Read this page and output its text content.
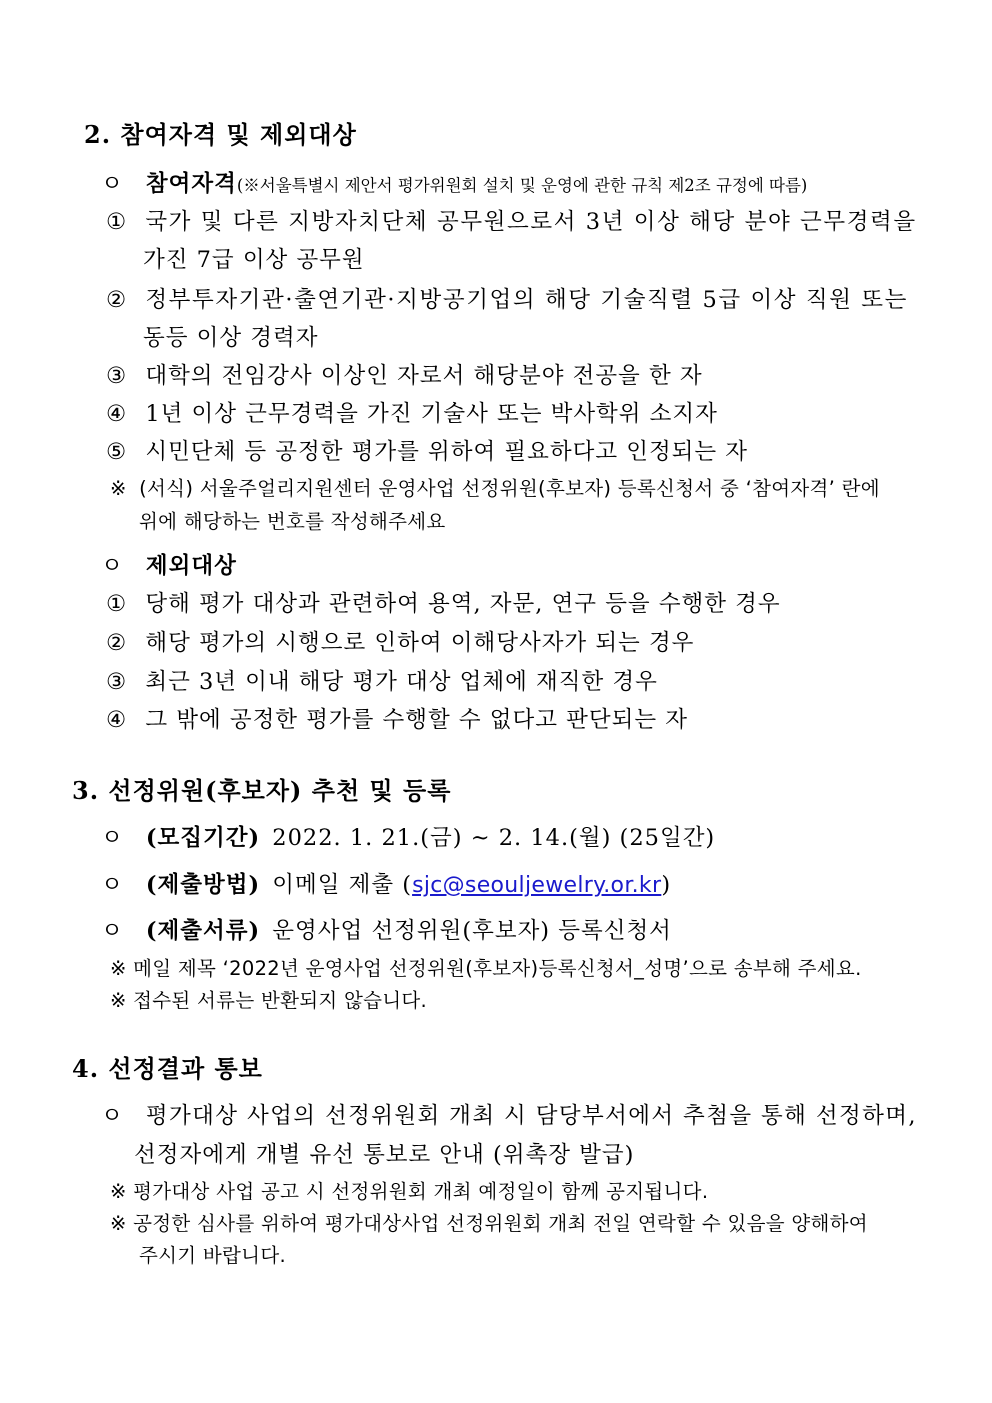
2. 참여자격 및 제외대상
ㅇ 참여자격(※서울특별시 제안서 평가위원회 설치 및 운영에 관한 규칙 제2조 규정에 따름)
① 국가 및 다른 지방자치단체 공무원으로서 3년 이상 해당 분야 근무경력을
가진 7급 이상 공무원
② 정부투자기관·출연기관·지방공기업의 해당 기술직렬 5급 이상 직원 또는
동등 이상 경력자
③ 대학의 전임강사 이상인 자로서 해당분야 전공을 한 자
④ 1년 이상 근무경력을 가진 기술사 또는 박사학위 소지자
⑤ 시민단체 등 공정한 평가를 위하여 필요하다고 인정되는 자
※ (서식) 서울주얼리지원센터 운영사업 선정위원(후보자) 등록신청서 중 ‘참여자격’ 란에
위에 해당하는 번호를 작성해주세요
ㅇ 제외대상
① 당해 평가 대상과 관련하여 용역, 자문, 연구 등을 수행한 경우
② 해당 평가의 시행으로 인하여 이해당사자가 되는 경우
③ 최근 3년 이내 해당 평가 대상 업체에 재직한 경우
④ 그 밖에 공정한 평가를 수행할 수 없다고 판단되는 자
3. 선정위원(후보자) 추천 및 등록
ㅇ (모집기간) 2022. 1. 21.(금) ~ 2. 14.(월) (25일간)
ㅇ (제출방법) 이메일 제출 (sjc@seouljewelry.or.kr)
ㅇ (제출서류) 운영사업 선정위원(후보자) 등록신청서
※ 메일 제목 ‘2022년 운영사업 선정위원(후보자)등록신청서_성명’으로 송부해 주세요.
※ 접수된 서류는 반환되지 않습니다.
4. 선정결과 통보
ㅇ 평가대상 사업의 선정위원회 개최 시 담당부서에서 추첨을 통해 선정하며,
선정자에게 개별 유선 통보로 안내 (위촉장 발급)
※ 평가대상 사업 공고 시 선정위원회 개최 예정일이 함께 공지됩니다.
※ 공정한 심사를 위하여 평가대상사업 선정위원회 개최 전일 연락할 수 있음을 양해하여
주시기 바랍니다.
